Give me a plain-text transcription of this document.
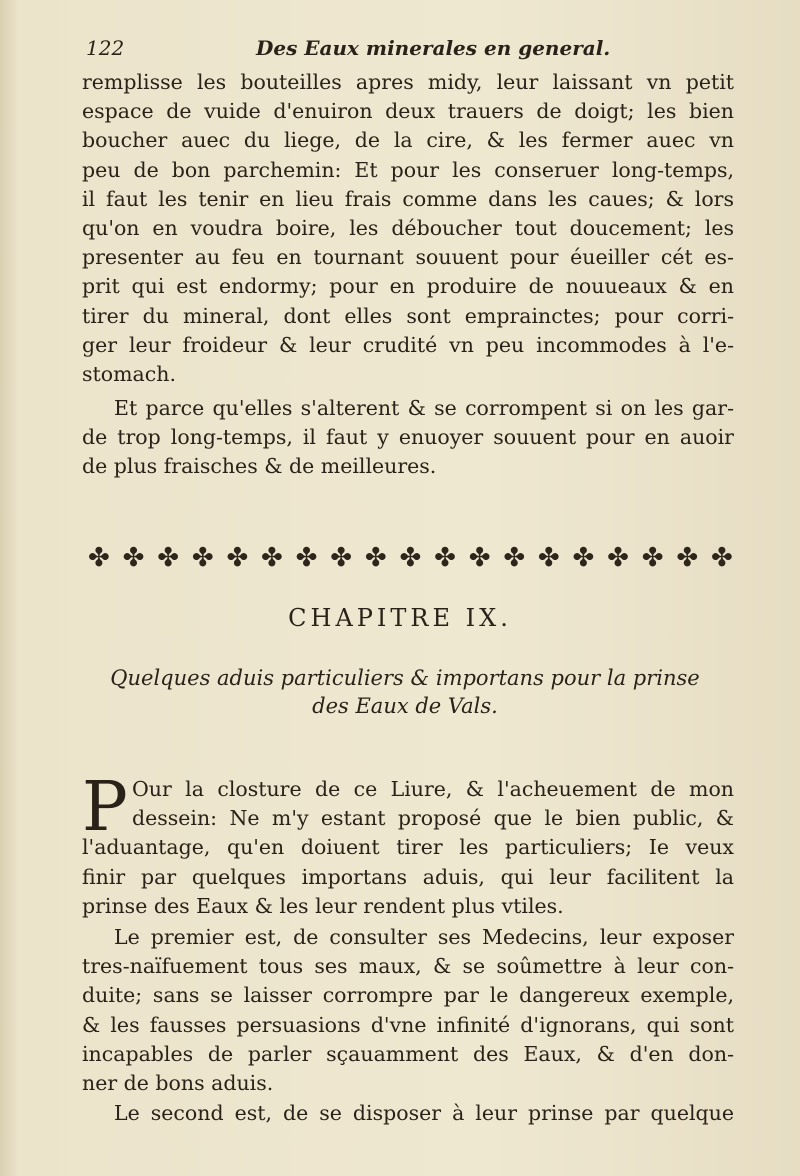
122	Des Eaux minerales en general.
remplisse les bouteilles apres midy, leur laissant vn petit
espace de vuide d'enuiron deux trauers de doigt; les bien
boucher auec du liege, de la cire, & les fermer auec vn
peu de bon parchemin: Et pour les conseruer long-temps,
il faut les tenir en lieu frais comme dans les caues; & lors
qu'on en voudra boire, les déboucher tout doucement; les
presenter au feu en tournant souuent pour éueiller cét es-
prit qui est endormy; pour en produire de nouueaux & en
tirer du mineral, dont elles sont emprainctes; pour corri-
ger leur froideur & leur crudité vn peu incommodes à l'e-
stomach.
Et parce qu'elles s'alterent & se corrompent si on les gar-
de trop long-temps, il faut y enuoyer souuent pour en auoir
de plus fraisches & de meilleures.
✤ ✤ ✤ ✤ ✤ ✤ ✤ ✤ ✤ ✤ ✤ ✤ ✤ ✤ ✤ ✤ ✤ ✤ ✤
CHAPITRE IX.
Quelques aduis particuliers & importans pour la prinse
des Eaux de Vals.
P Our la closture de ce Liure, & l'acheuement de mon
dessein: Ne m'y estant proposé que le bien public, &
l'aduantage, qu'en doiuent tirer les particuliers; Ie veux
finir par quelques importans aduis, qui leur facilitent la
prinse des Eaux & les leur rendent plus vtiles.
Le premier est, de consulter ses Medecins, leur exposer
tres-naïfuement tous ses maux, & se soûmettre à leur con-
duite; sans se laisser corrompre par le dangereux exemple,
& les fausses persuasions d'vne infinité d'ignorans, qui sont
incapables de parler sçauamment des Eaux, & d'en don-
ner de bons aduis.
Le second est, de se disposer à leur prinse par quelque
